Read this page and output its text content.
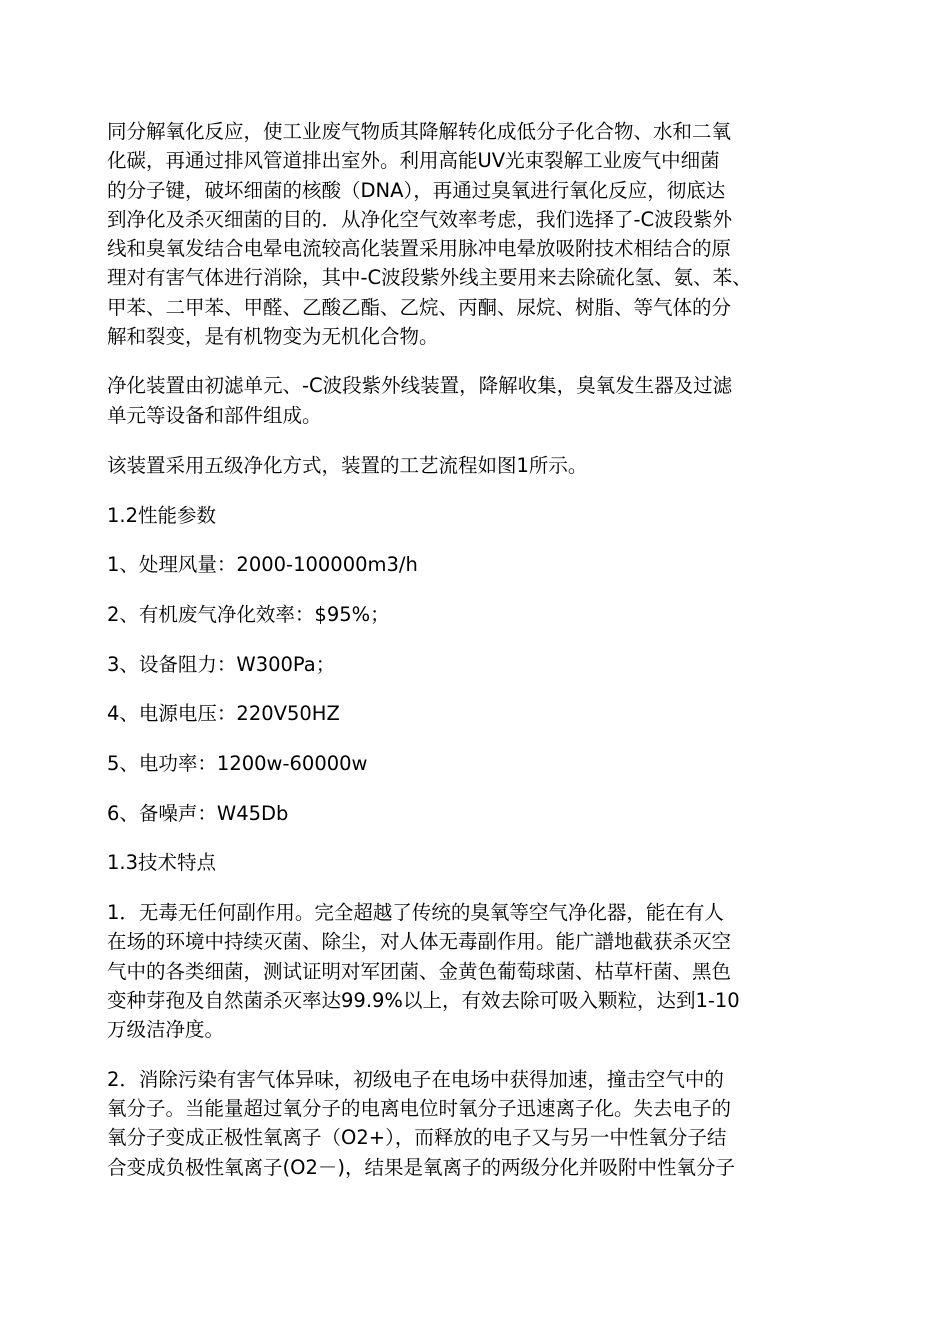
同分解氧化反应，使工业废气物质其降解转化成低分子化合物、水和二氧
化碳，再通过排风管道排出室外。利用高能UV光束裂解工业废气中细菌
的分子键，破坏细菌的核酸（DNA），再通过臭氧进行氧化反应，彻底达
到净化及杀灭细菌的目的．从净化空气效率考虑，我们选择了-C波段紫外
线和臭氧发结合电晕电流较高化装置采用脉冲电晕放吸附技术相结合的原
理对有害气体进行消除，其中-C波段紫外线主要用来去除硫化氢、氨、苯、
甲苯、二甲苯、甲醛、乙酸乙酯、乙烷、丙酮、尿烷、树脂、等气体的分
解和裂变，是有机物变为无机化合物。

净化装置由初滤单元、-C波段紫外线装置，降解收集，臭氧发生器及过滤
单元等设备和部件组成。

该装置采用五级净化方式，装置的工艺流程如图1所示。

1.2性能参数

1、处理风量：2000-100000m3/h

2、有机废气净化效率：$95%；

3、设备阻力：W300Pa；

4、电源电压：220V50HZ

5、电功率：1200w-60000w

6、备噪声：W45Db

1.3技术特点

1．无毒无任何副作用。完全超越了传统的臭氧等空气净化器，能在有人
在场的环境中持续灭菌、除尘，对人体无毒副作用。能广譜地截获杀灭空
气中的各类细菌，测试证明对军团菌、金黄色葡萄球菌、枯草杆菌、黑色
变种芽孢及自然菌杀灭率达99.9%以上，有效去除可吸入颗粒，达到1-10
万级洁净度。

2．消除污染有害气体异味，初级电子在电场中获得加速，撞击空气中的
氧分子。当能量超过氧分子的电离电位时氧分子迅速离子化。失去电子的
氧分子变成正极性氧离子（O2+），而释放的电子又与另一中性氧分子结
合变成负极性氧离子(O2－)，结果是氧离子的两级分化并吸附中性氧分子
